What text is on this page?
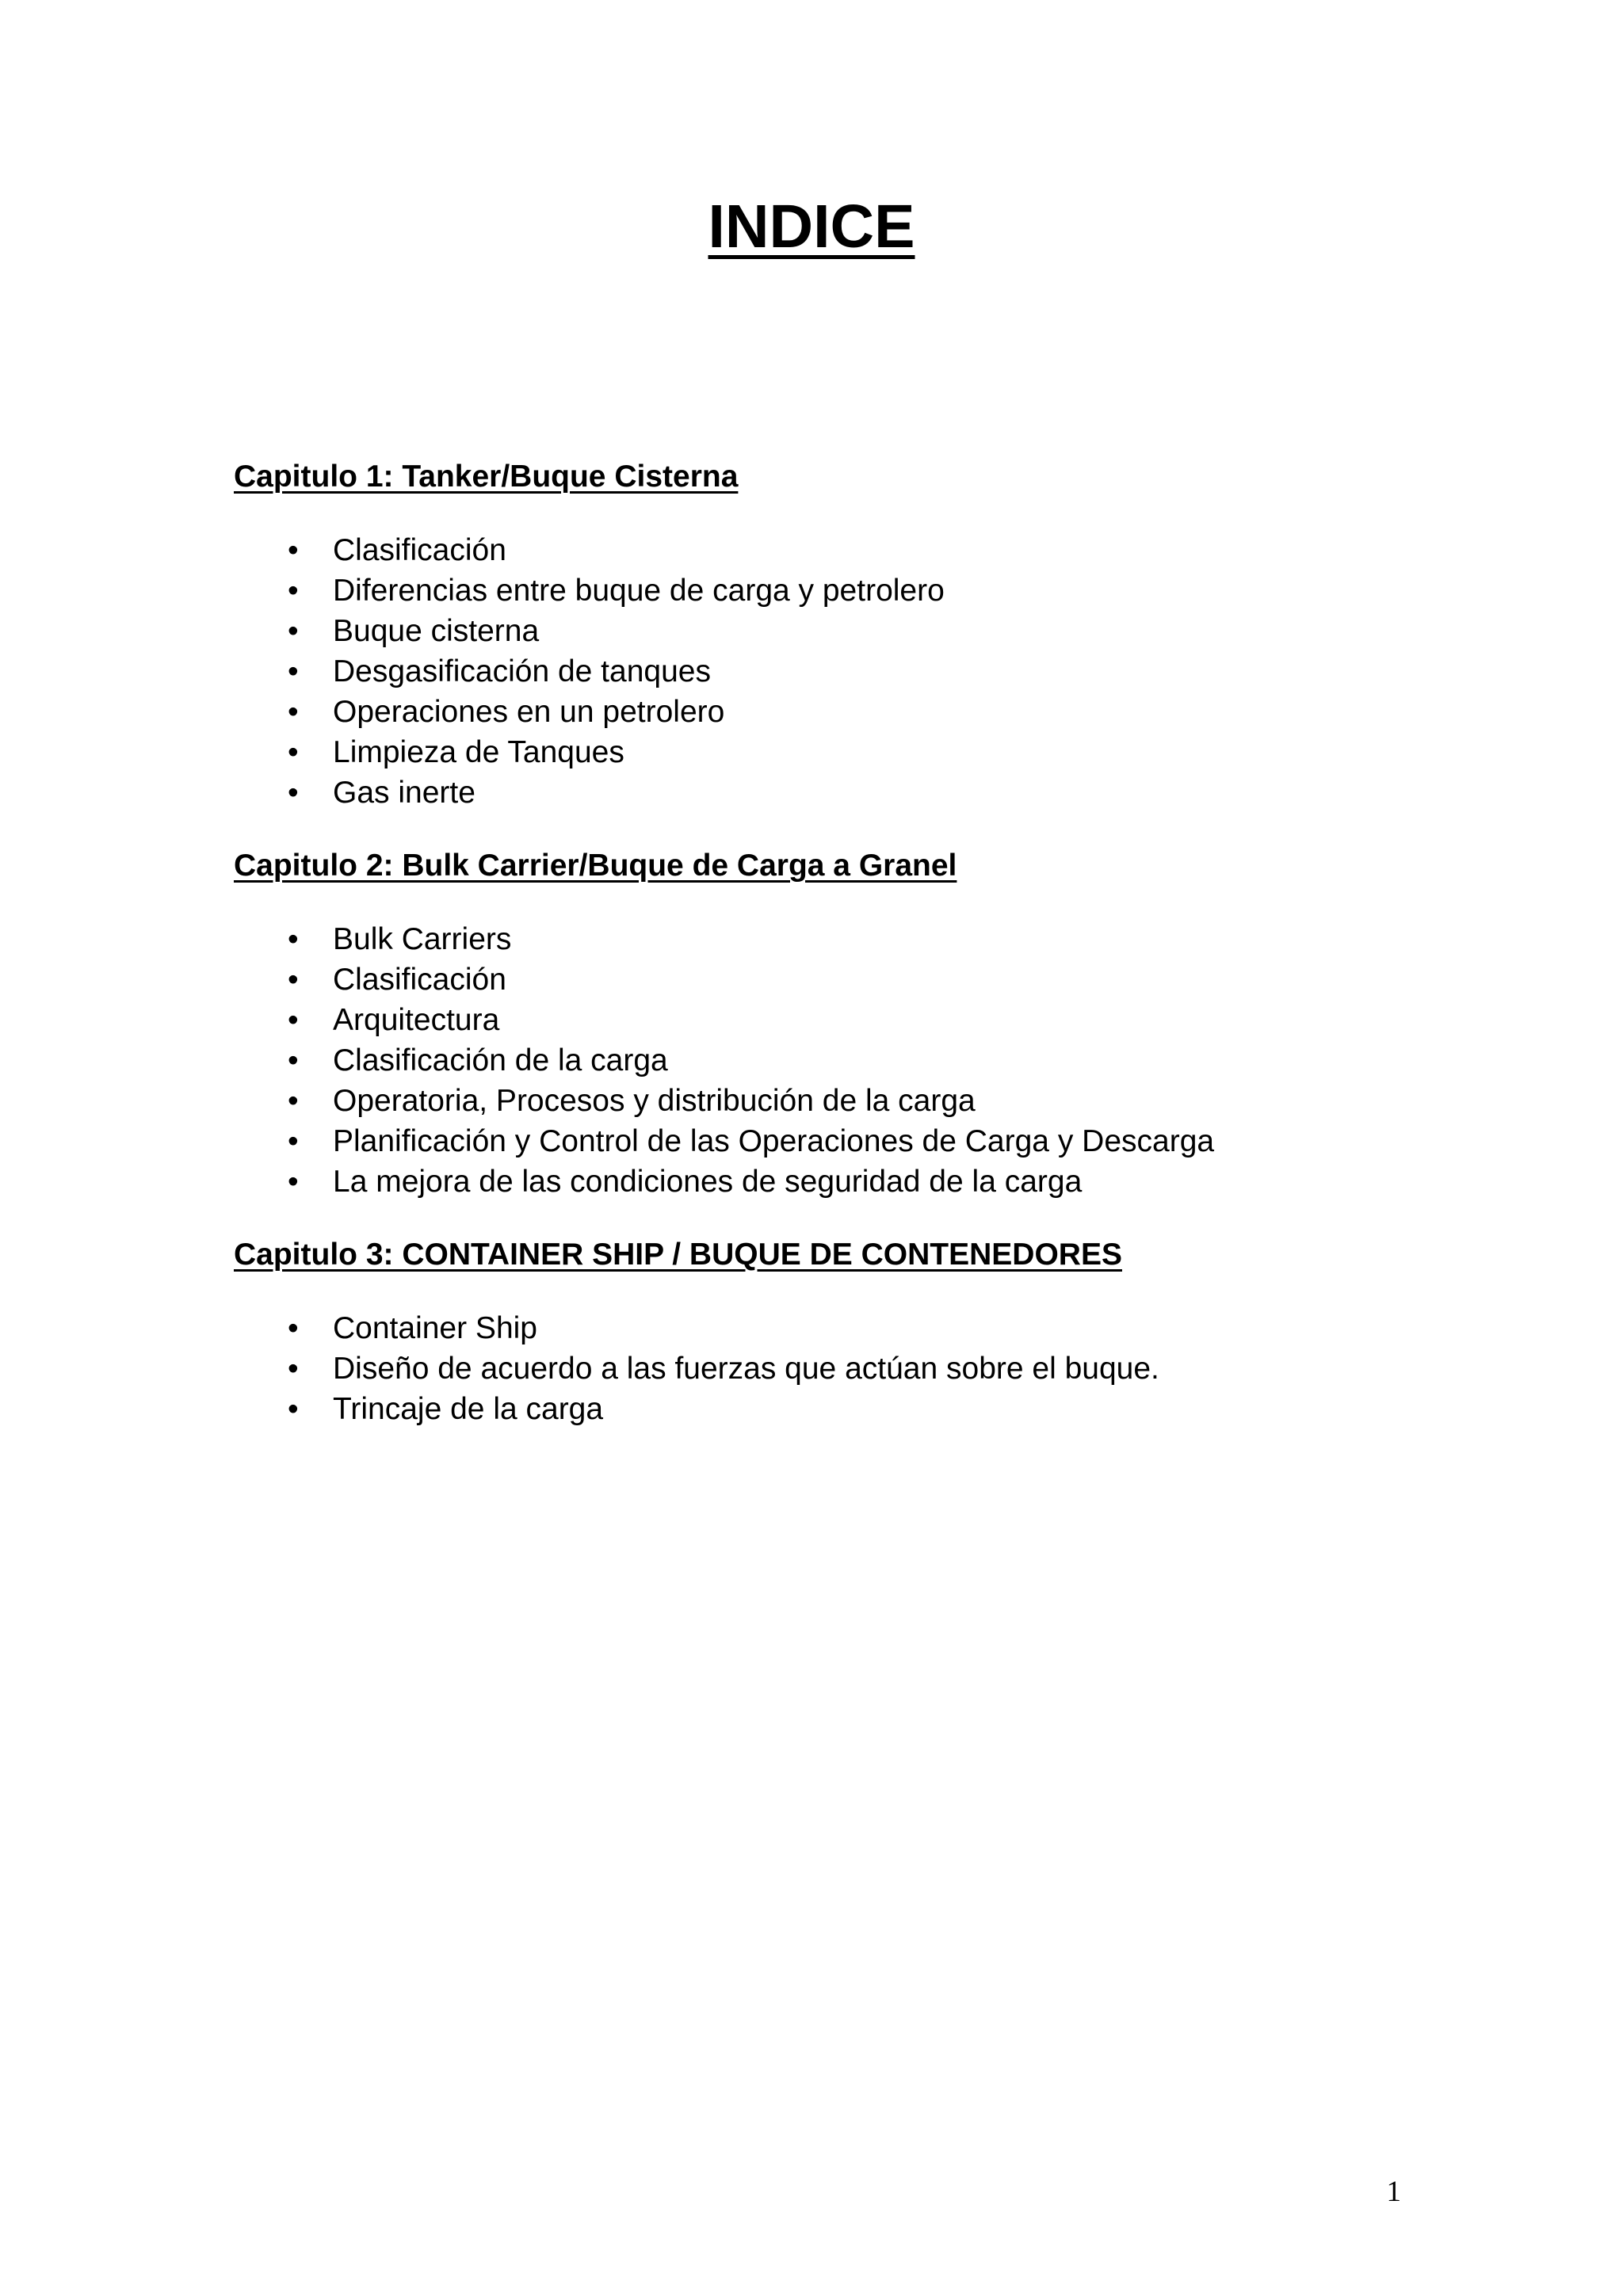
INDICE
Capitulo 1: Tanker/Buque Cisterna
• Clasificación
• Diferencias entre buque de carga y petrolero
• Buque cisterna
• Desgasificación de tanques
• Operaciones en un petrolero
• Limpieza de Tanques
• Gas inerte
Capitulo 2: Bulk Carrier/Buque de Carga a Granel
• Bulk Carriers
• Clasificación
• Arquitectura
• Clasificación de la carga
• Operatoria, Procesos y distribución de la carga
• Planificación y Control de las Operaciones de Carga y Descarga
• La mejora de las condiciones de seguridad de la carga
Capitulo 3: CONTAINER SHIP / BUQUE DE CONTENEDORES
• Container Ship
• Diseño de acuerdo a las fuerzas que actúan sobre el buque.
• Trincaje de la carga
1
